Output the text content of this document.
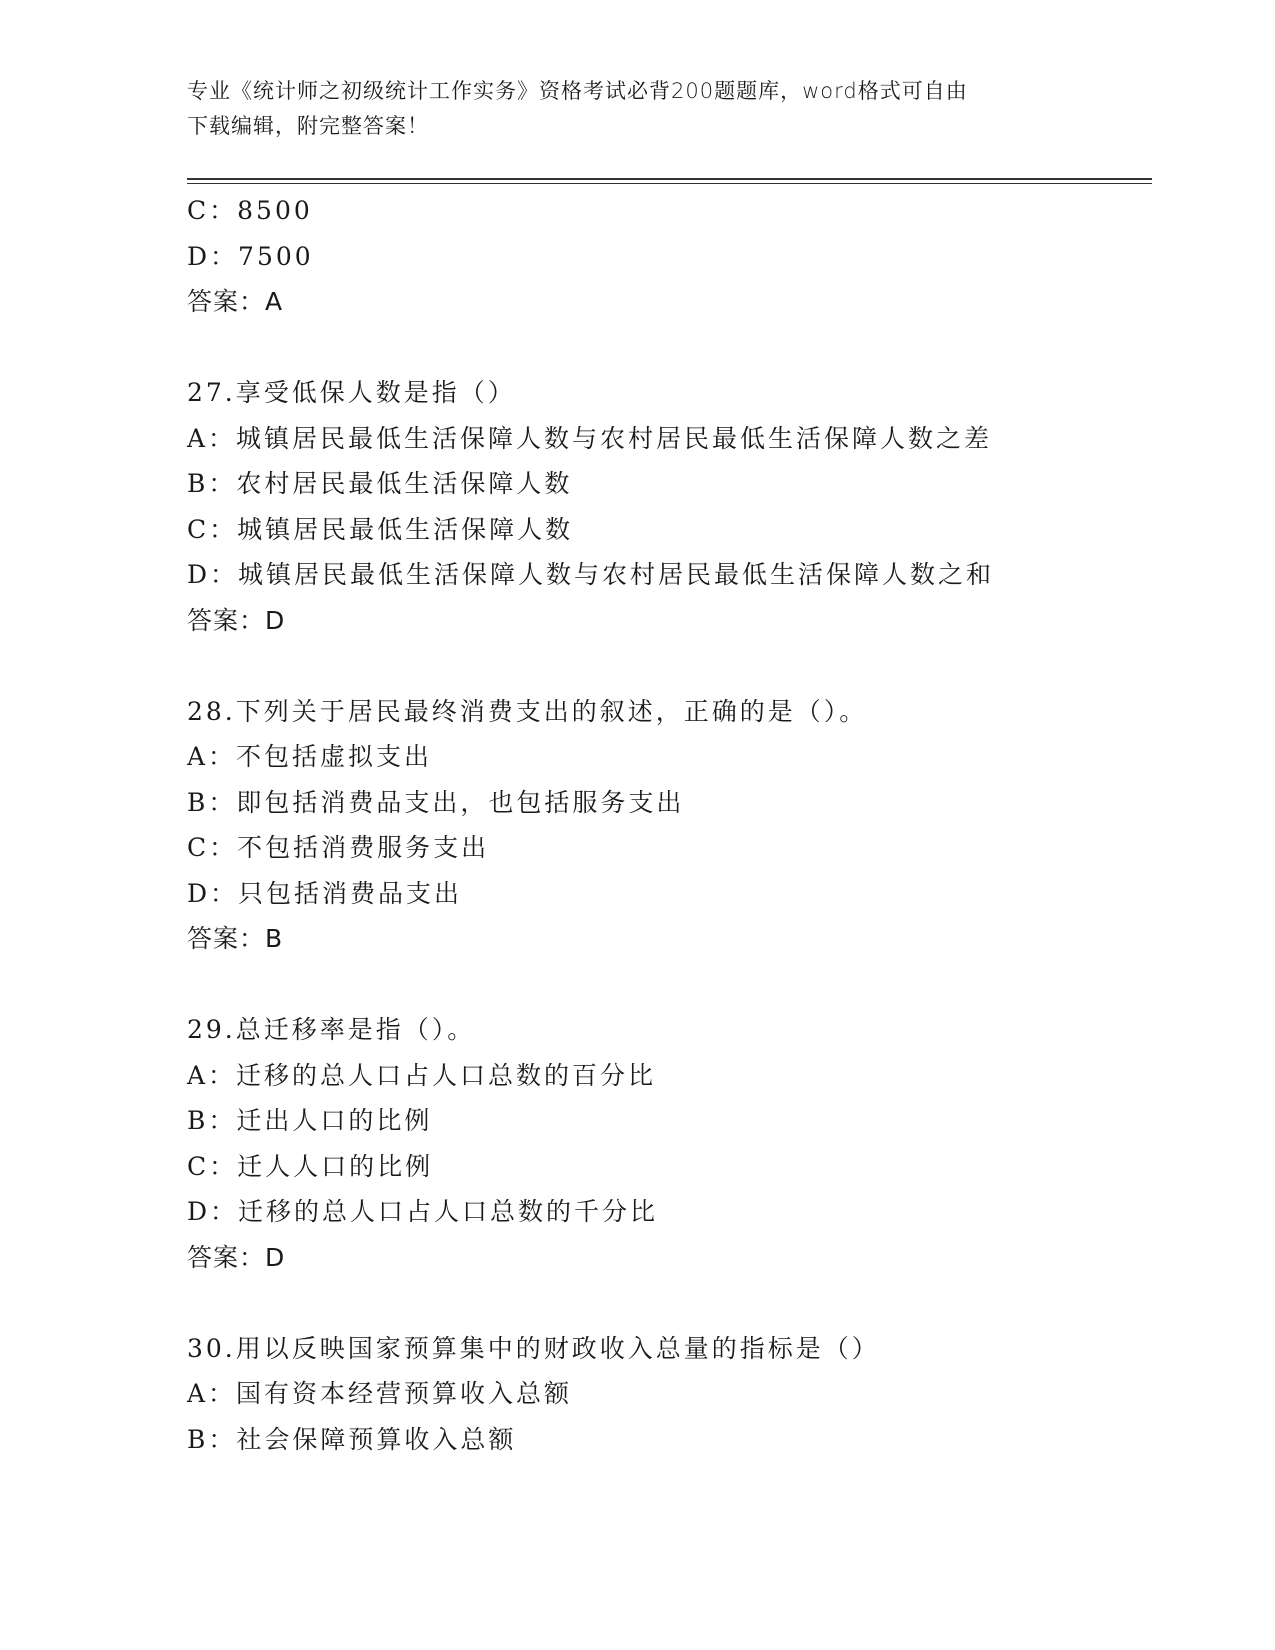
专业《统计师之初级统计工作实务》资格考试必背200题题库，word格式可自由
下载编辑，附完整答案！
C：8500
D：7500
答案：A
27.享受低保人数是指（）
A：城镇居民最低生活保障人数与农村居民最低生活保障人数之差
B：农村居民最低生活保障人数
C：城镇居民最低生活保障人数
D：城镇居民最低生活保障人数与农村居民最低生活保障人数之和
答案：D
28.下列关于居民最终消费支出的叙述，正确的是（）。
A：不包括虚拟支出
B：即包括消费品支出，也包括服务支出
C：不包括消费服务支出
D：只包括消费品支出
答案：B
29.总迁移率是指（）。
A：迁移的总人口占人口总数的百分比
B：迁出人口的比例
C：迁人人口的比例
D：迁移的总人口占人口总数的千分比
答案：D
30.用以反映国家预算集中的财政收入总量的指标是（）
A：国有资本经营预算收入总额
B：社会保障预算收入总额
